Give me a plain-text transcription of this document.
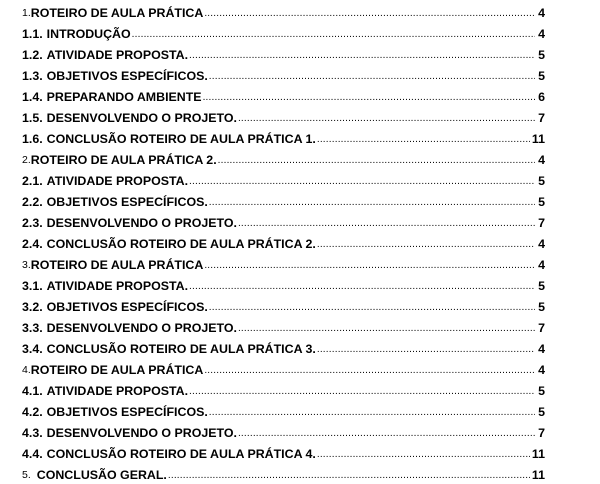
1. ROTEIRO DE AULA PRÁTICA .....	4
1.1. INTRODUÇÃO .....	4
1.2. ATIVIDADE PROPOSTA. .....	5
1.3. OBJETIVOS ESPECÍFICOS. .....	5
1.4. PREPARANDO AMBIENTE .....	6
1.5. DESENVOLVENDO O PROJETO. .....	7
1.6. CONCLUSÃO ROTEIRO DE AULA PRÁTICA 1. .....	11
2. ROTEIRO DE AULA PRÁTICA 2. .....	4
2.1. ATIVIDADE PROPOSTA. .....	5
2.2. OBJETIVOS ESPECÍFICOS. .....	5
2.3. DESENVOLVENDO O PROJETO. .....	7
2.4. CONCLUSÃO ROTEIRO DE AULA PRÁTICA 2. .....	4
3. ROTEIRO DE AULA PRÁTICA .....	4
3.1. ATIVIDADE PROPOSTA. .....	5
3.2. OBJETIVOS ESPECÍFICOS. .....	5
3.3. DESENVOLVENDO O PROJETO. .....	7
3.4. CONCLUSÃO ROTEIRO DE AULA PRÁTICA 3. .....	4
4. ROTEIRO DE AULA PRÁTICA .....	4
4.1. ATIVIDADE PROPOSTA. .....	5
4.2. OBJETIVOS ESPECÍFICOS. .....	5
4.3. DESENVOLVENDO O PROJETO. .....	7
4.4. CONCLUSÃO ROTEIRO DE AULA PRÁTICA 4. .....	11
5. CONCLUSÃO GERAL. .....	11
